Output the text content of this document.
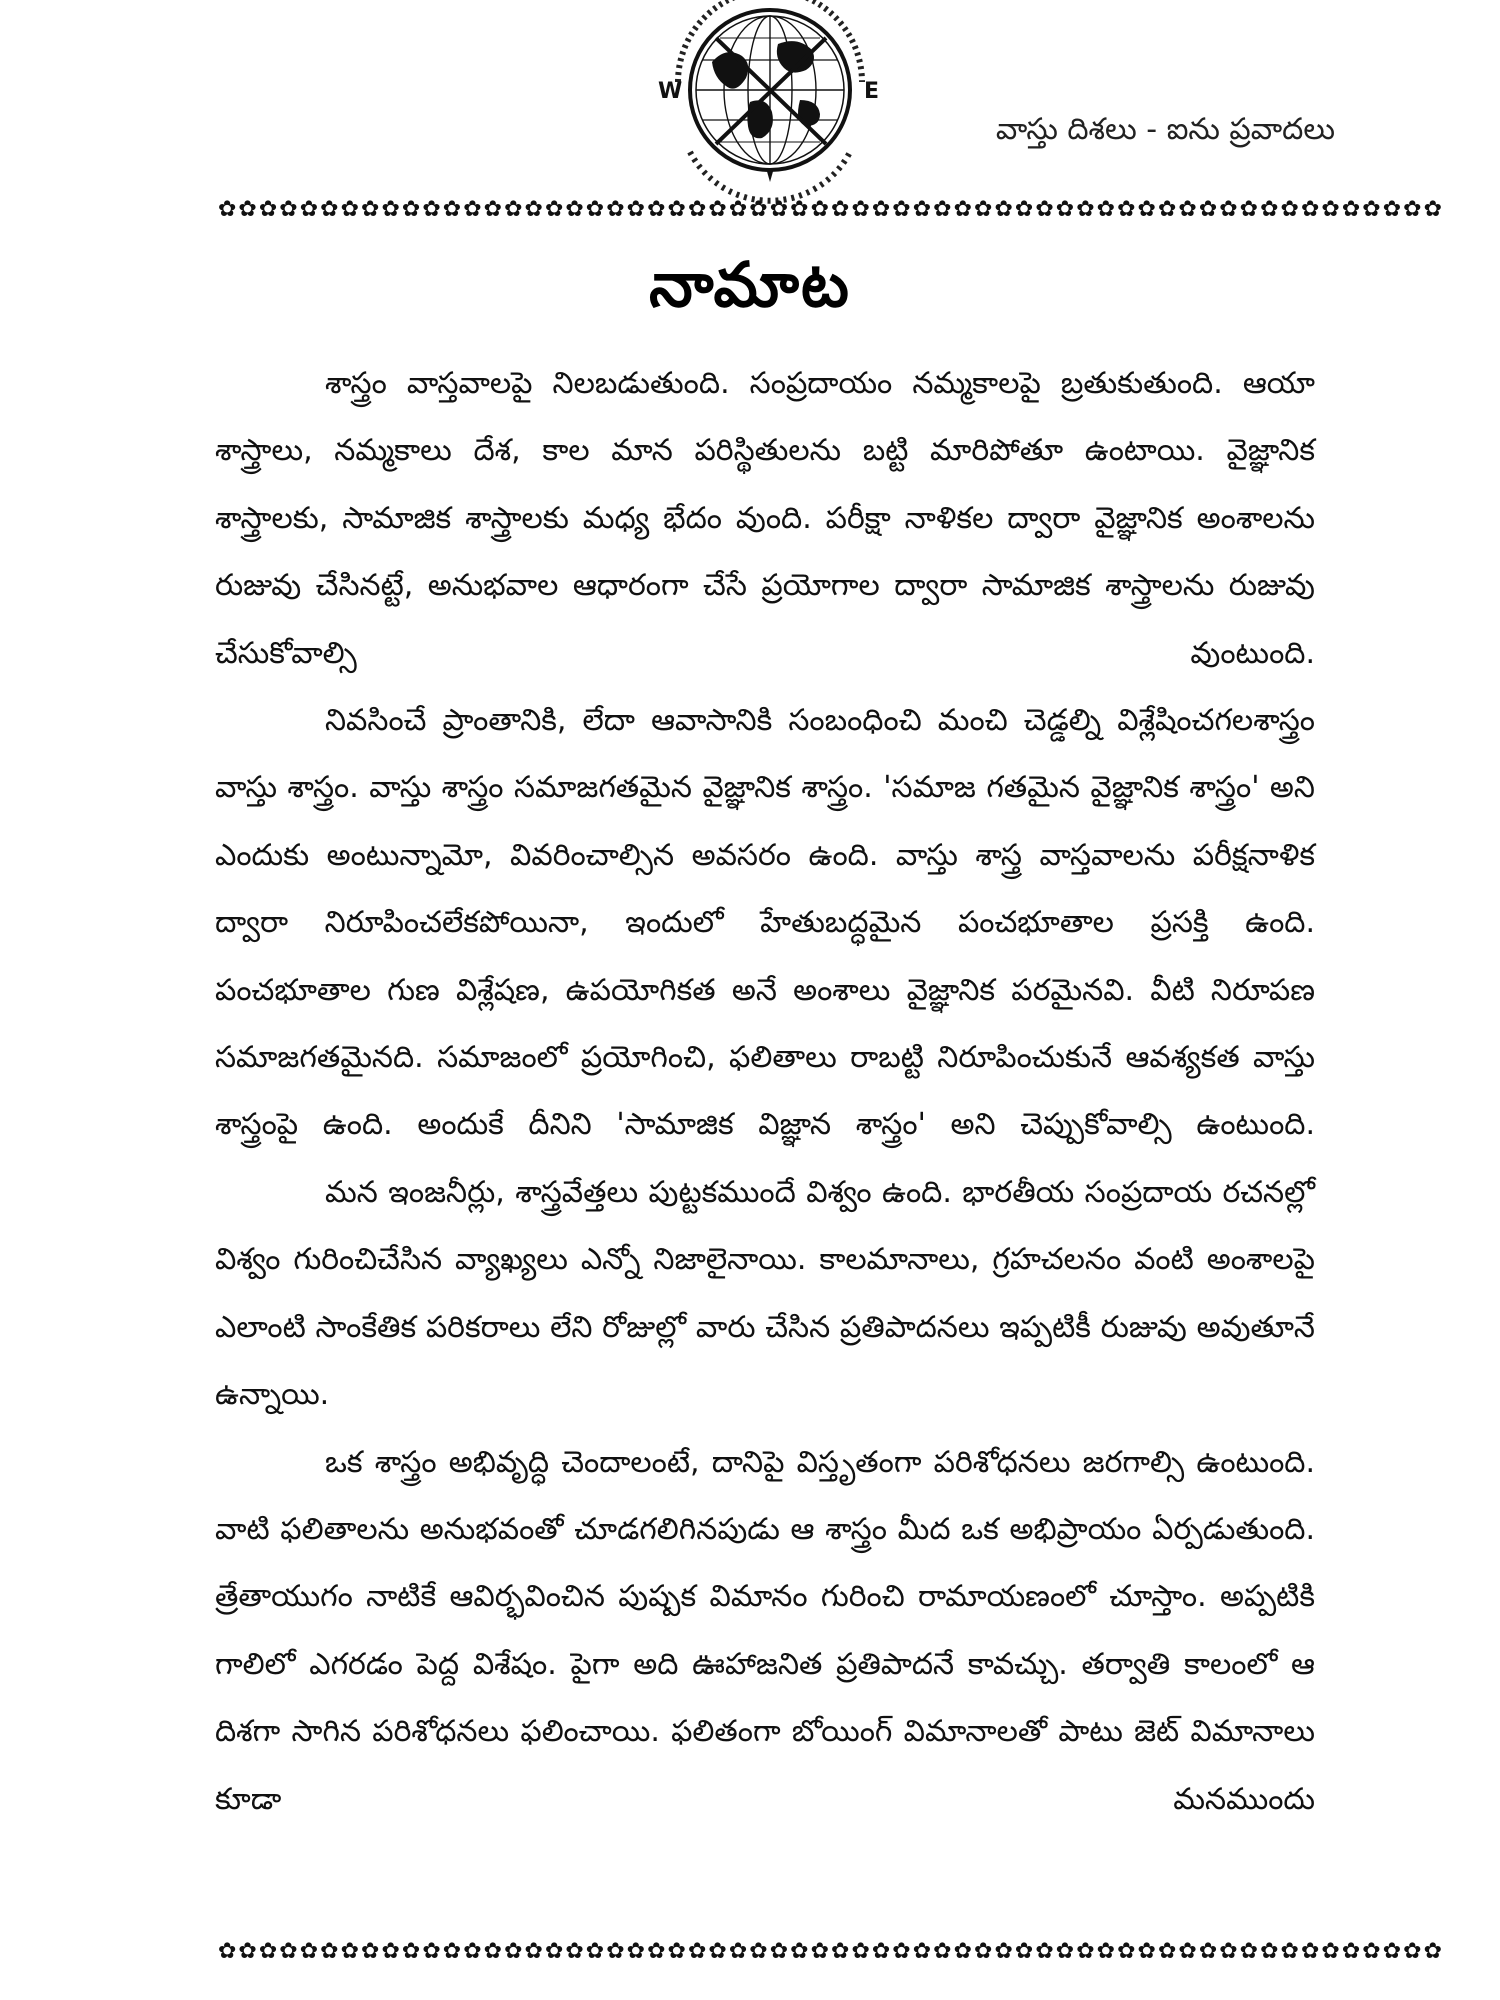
W	E
వాస్తు దిశలు - ఐను ప్రవాదలు
✿✿✿✿✿✿✿✿✿✿✿✿✿✿✿✿✿✿✿✿✿✿✿✿✿✿✿✿✿✿✿✿✿✿✿✿✿✿✿✿✿✿✿✿✿✿✿✿✿✿✿✿✿✿✿✿✿✿✿✿
నామాట

శాస్త్రం వాస్తవాలపై నిలబడుతుంది. సంప్రదాయం నమ్మకాలపై బ్రతుకుతుంది. ఆయా శాస్త్రాలు, నమ్మకాలు దేశ, కాల మాన పరిస్థితులను బట్టి మారిపోతూ ఉంటాయి. వైజ్ఞానిక శాస్త్రాలకు, సామాజిక శాస్త్రాలకు మధ్య భేదం వుంది. పరీక్షా నాళికల ద్వారా వైజ్ఞానిక అంశాలను రుజువు చేసినట్టే, అనుభవాల ఆధారంగా చేసే ప్రయోగాల ద్వారా సామాజిక శాస్త్రాలను రుజువు చేసుకోవాల్సి వుంటుంది.

నివసించే ప్రాంతానికి, లేదా ఆవాసానికి సంబంధించి మంచి చెడ్డల్ని విశ్లేషించగలశాస్త్రం వాస్తు శాస్త్రం. వాస్తు శాస్త్రం సమాజగతమైన వైజ్ఞానిక శాస్త్రం. 'సమాజ గతమైన వైజ్ఞానిక శాస్త్రం' అని ఎందుకు అంటున్నామో, వివరించాల్సిన అవసరం ఉంది. వాస్తు శాస్త్ర వాస్తవాలను పరీక్షనాళిక ద్వారా నిరూపించలేకపోయినా, ఇందులో హేతుబద్ధమైన పంచభూతాల ప్రసక్తి ఉంది. పంచభూతాల గుణ విశ్లేషణ, ఉపయోగికత అనే అంశాలు వైజ్ఞానిక పరమైనవి. వీటి నిరూపణ సమాజగతమైనది. సమాజంలో ప్రయోగించి, ఫలితాలు రాబట్టి నిరూపించుకునే ఆవశ్యకత వాస్తు శాస్త్రంపై ఉంది. అందుకే దీనిని 'సామాజిక విజ్ఞాన శాస్త్రం' అని చెప్పుకోవాల్సి ఉంటుంది.

మన ఇంజనీర్లు, శాస్త్రవేత్తలు పుట్టకముందే విశ్వం ఉంది. భారతీయ సంప్రదాయ రచనల్లో విశ్వం గురించిచేసిన వ్యాఖ్యలు ఎన్నో నిజాలైనాయి. కాలమానాలు, గ్రహచలనం వంటి అంశాలపై ఎలాంటి సాంకేతిక పరికరాలు లేని రోజుల్లో వారు చేసిన ప్రతిపాదనలు ఇప్పటికీ రుజువు అవుతూనే ఉన్నాయి.

ఒక శాస్త్రం అభివృద్ధి చెందాలంటే, దానిపై విస్తృతంగా పరిశోధనలు జరగాల్సి ఉంటుంది. వాటి ఫలితాలను అనుభవంతో చూడగలిగినపుడు ఆ శాస్త్రం మీద ఒక అభిప్రాయం ఏర్పడుతుంది. త్రేతాయుగం నాటికే ఆవిర్భవించిన పుష్పక విమానం గురించి రామాయణంలో చూస్తాం. అప్పటికి గాలిలో ఎగరడం పెద్ద విశేషం. పైగా అది ఊహాజనిత ప్రతిపాదనే కావచ్చు. తర్వాతి కాలంలో ఆ దిశగా సాగిన పరిశోధనలు ఫలించాయి. ఫలితంగా బోయింగ్ విమానాలతో పాటు జెట్ విమానాలు కూడా మనముందు

✿✿✿✿✿✿✿✿✿✿✿✿✿✿✿✿✿✿✿✿✿✿✿✿✿✿✿✿✿✿✿✿✿✿✿✿✿✿✿✿✿✿✿✿✿✿✿✿✿✿✿✿✿✿✿✿✿✿✿✿
